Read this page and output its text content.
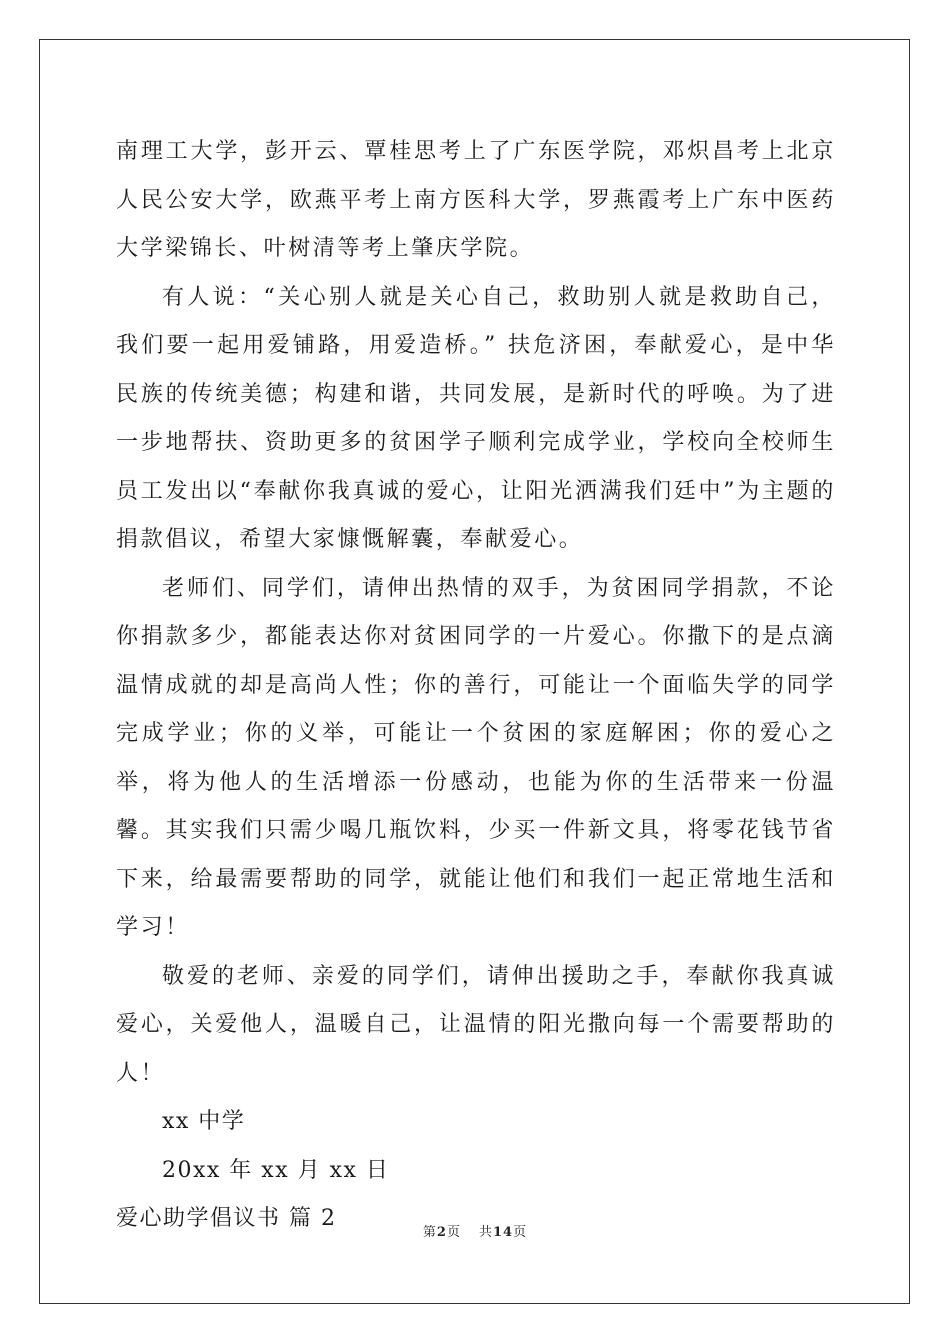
南理工大学，彭开云、覃桂思考上了广东医学院，邓炽昌考上北京人民公安大学，欧燕平考上南方医科大学，罗燕霞考上广东中医药大学梁锦长、叶树清等考上肇庆学院。

有人说：“关心别人就是关心自己，救助别人就是救助自己，我们要一起用爱铺路，用爱造桥。” 扶危济困，奉献爱心，是中华民族的传统美德；构建和谐，共同发展，是新时代的呼唤。为了进一步地帮扶、资助更多的贫困学子顺利完成学业，学校向全校师生员工发出以“奉献你我真诚的爱心，让阳光洒满我们廷中”为主题的捐款倡议，希望大家慷慨解囊，奉献爱心。

老师们、同学们，请伸出热情的双手，为贫困同学捐款，不论你捐款多少，都能表达你对贫困同学的一片爱心。你撒下的是点滴温情成就的却是高尚人性；你的善行，可能让一个面临失学的同学完成学业；你的义举，可能让一个贫困的家庭解困；你的爱心之举，将为他人的生活增添一份感动，也能为你的生活带来一份温馨。其实我们只需少喝几瓶饮料，少买一件新文具，将零花钱节省下来，给最需要帮助的同学，就能让他们和我们一起正常地生活和学习！

敬爱的老师、亲爱的同学们，请伸出援助之手，奉献你我真诚爱心，关爱他人，温暖自己，让温情的阳光撒向每一个需要帮助的人！

xx 中学

20xx 年 xx 月 xx 日

爱心助学倡议书 篇 2

第2页 共14页
